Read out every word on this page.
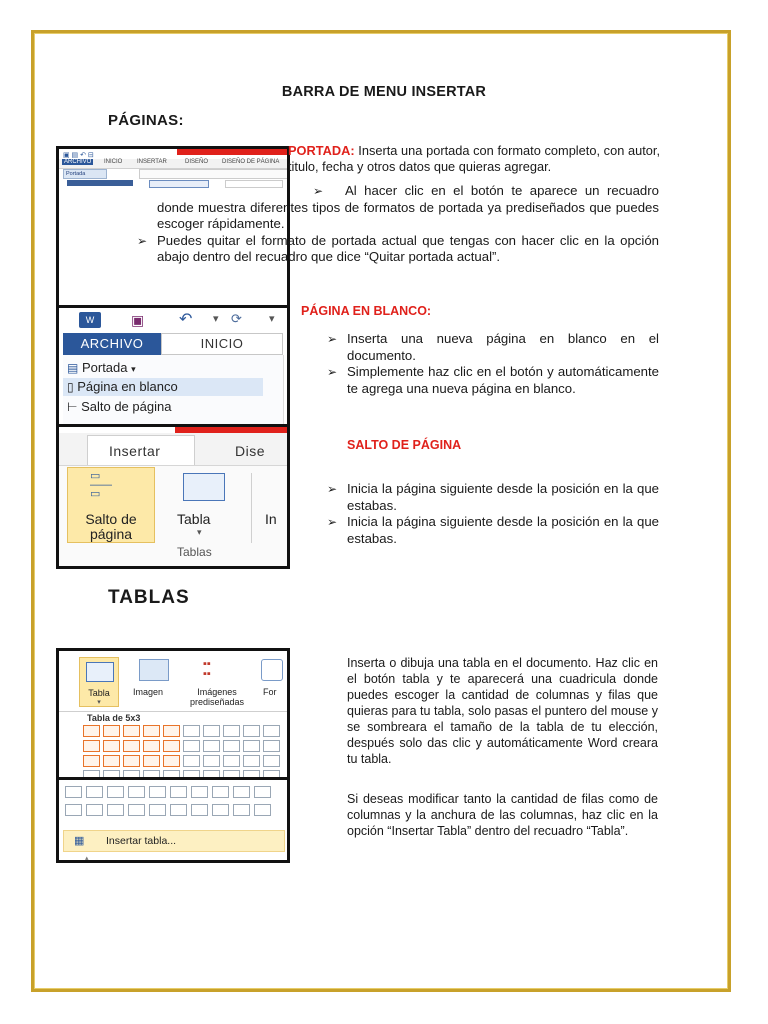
BARRA DE MENU INSERTAR
PÁGINAS:
▣ ▤ ↶ ⊟
ARCHIVO	INICIO INSERTAR	DISEÑO DISEÑO DE PÁGINA
Portada
PORTADA: Inserta una portada con formato completo, con autor, titulo, fecha y otros datos que quieras agregar.
➢ Al hacer clic en el botón te aparece un recuadro donde muestra diferentes tipos de formatos de portada ya prediseñados que puedes escoger rápidamente.
➢ Puedes quitar el formato de portada actual que tengas con hacer clic en la opción abajo dentro del recuadro que dice “Quitar portada actual”.
W	▣ ↶ ▾ ⟳ ▾
ARCHIVO	INICIO
▤ Portada ▾
▯ Página en blanco
⊢ Salto de página
PÁGINA EN BLANCO:
➢ Inserta una nueva página en blanco en el documento.
➢ Simplemente haz clic en el botón y automáticamente te agrega una nueva página en blanco.
Insertar	Dise
▭
——
▭
Salto de
página
Tabla
▾
In
Tablas
SALTO DE PÁGINA
➢ Inicia la página siguiente desde la posición en la que estabas.
➢ Inicia la página siguiente desde la posición en la que estabas.
TABLAS
Tabla
▾
Imagen
▪▪
▪▪
Imágenes
prediseñadas
For
Tabla de 5x3
▦ Insertar tabla...
▴
Inserta o dibuja una tabla en el documento. Haz clic en el botón tabla y te aparecerá una cuadricula donde puedes escoger la cantidad de columnas y filas que quieras para tu tabla, solo pasas el puntero del mouse y se sombreara el tamaño de la tabla de tu elección, después solo das clic y automáticamente Word creara tu tabla.
Si deseas modificar tanto la cantidad de filas como de columnas y la anchura de las columnas, haz clic en la opción “Insertar Tabla” dentro del recuadro “Tabla”.
